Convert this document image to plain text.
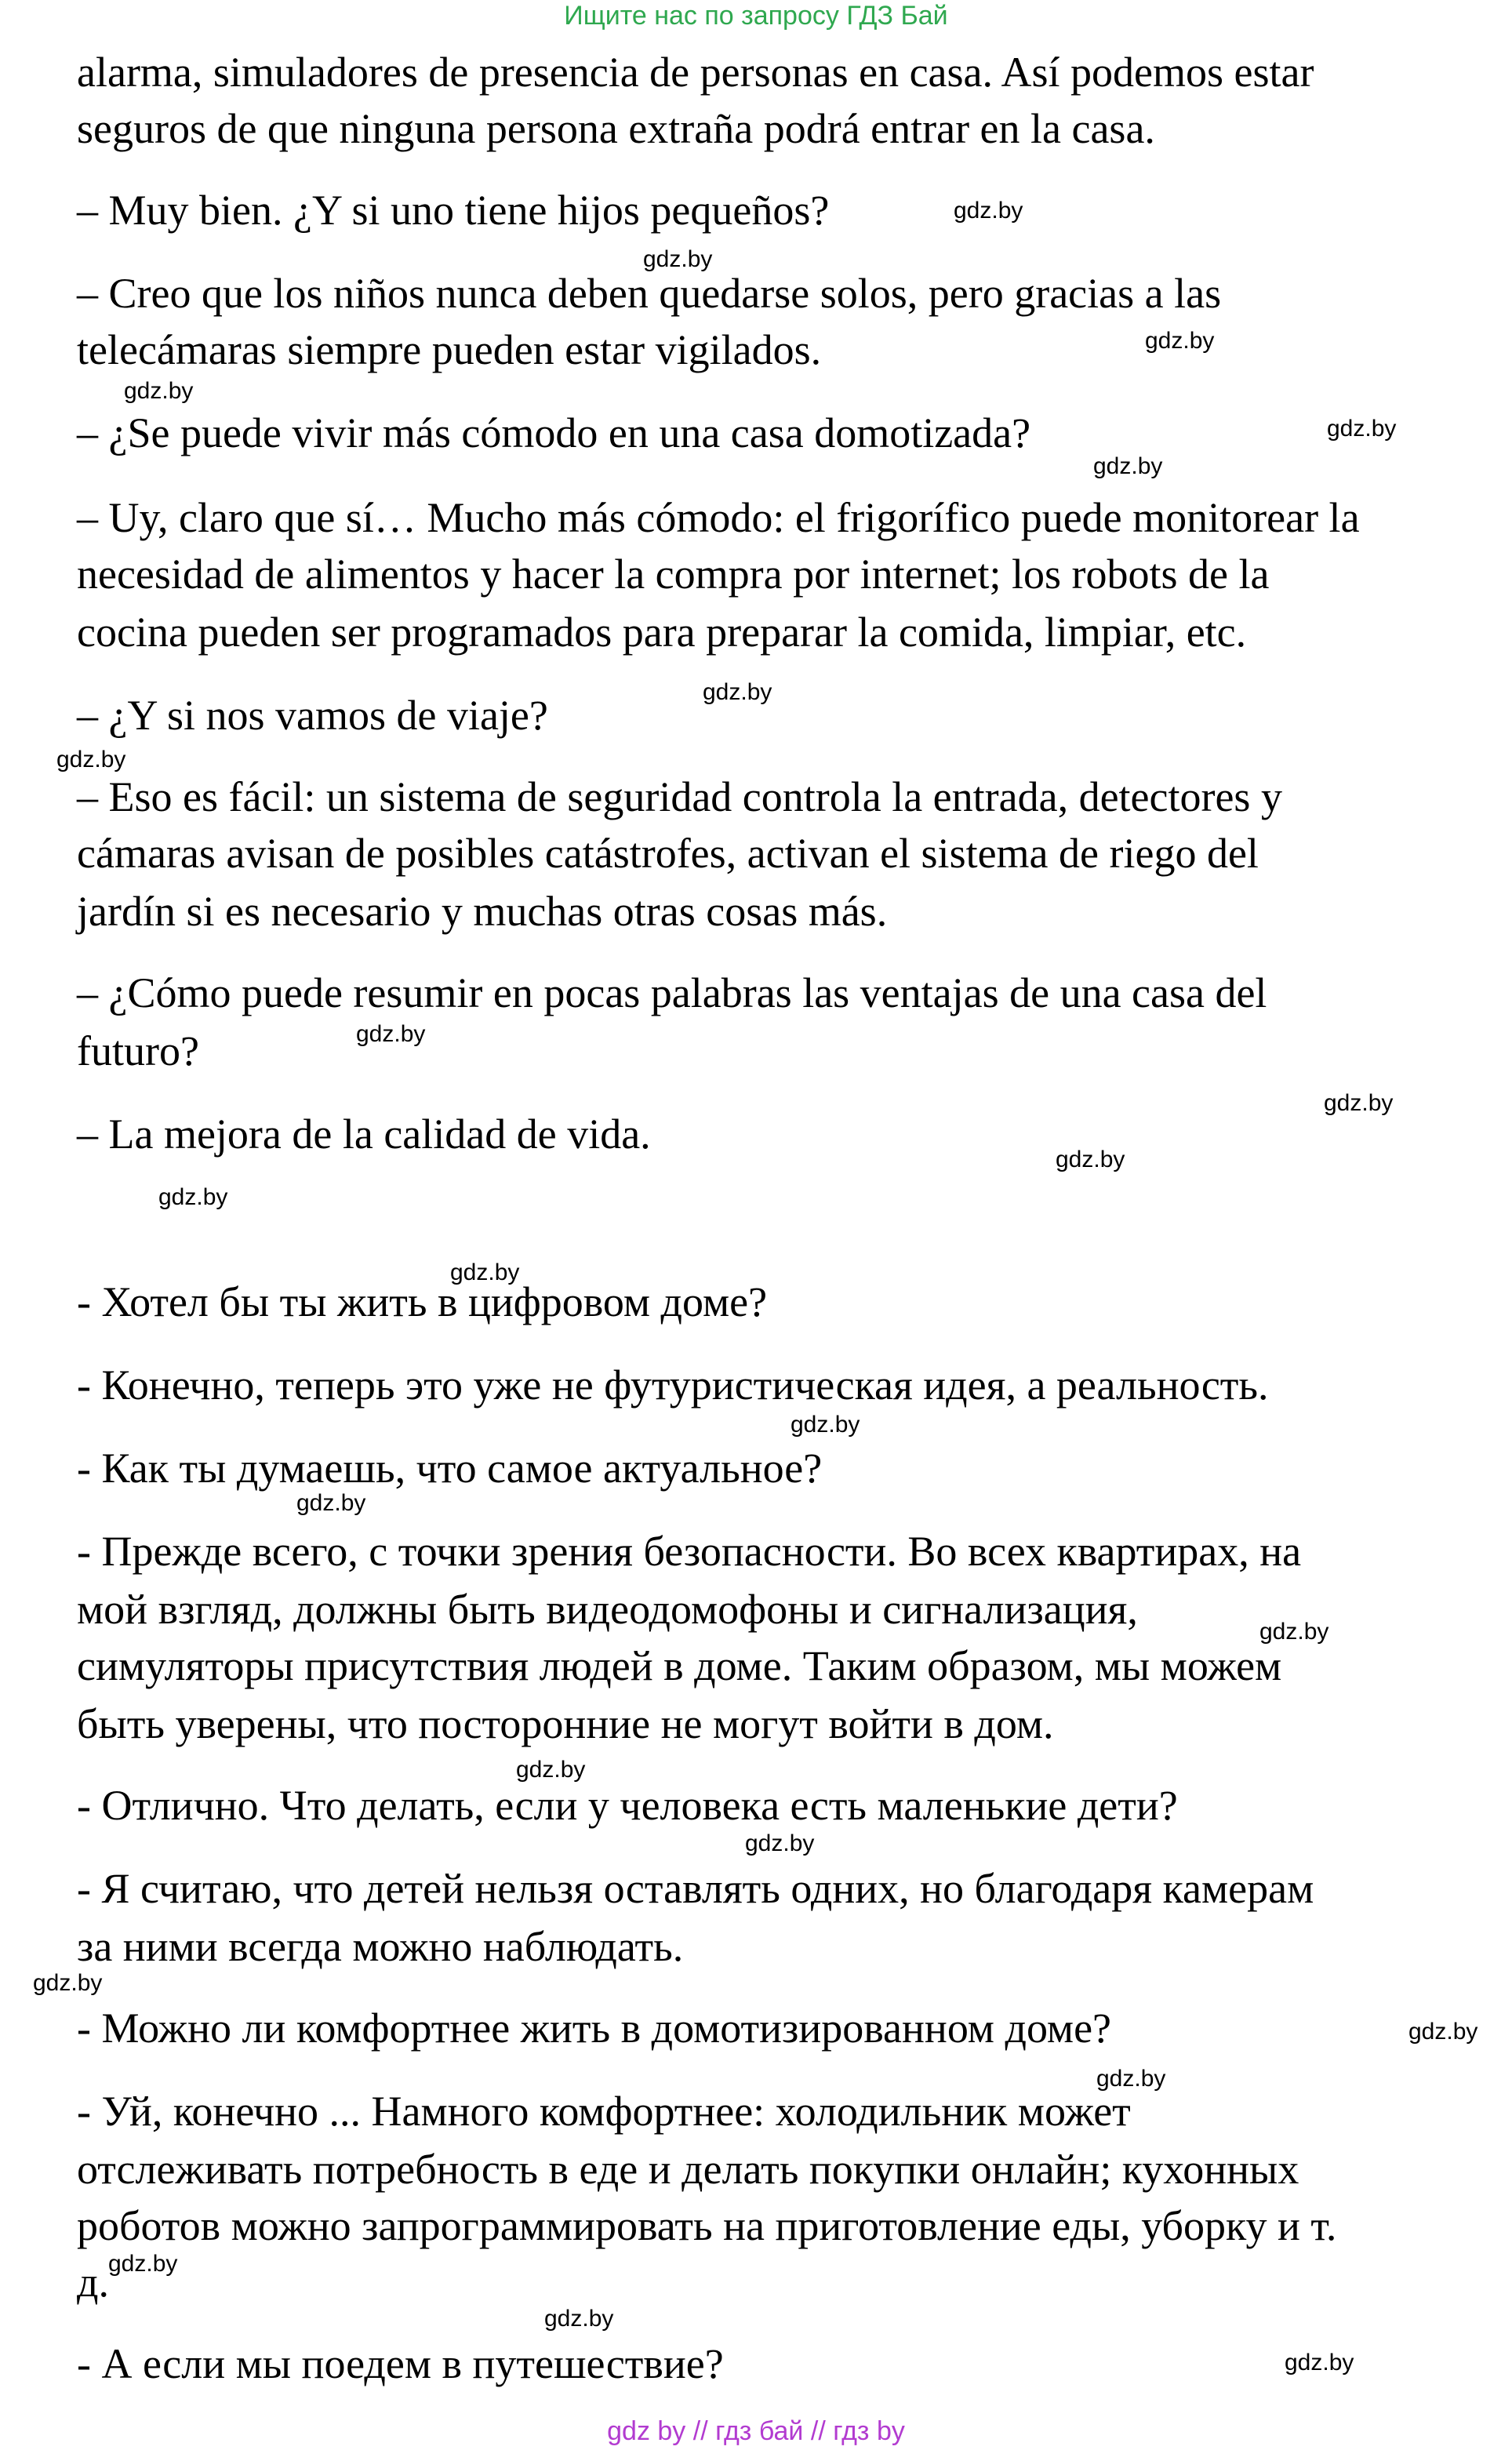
Ищите нас по запросу ГДЗ Бай
alarma, simuladores de presencia de personas en casa. Así podemos estar
seguros de que ninguna persona extraña podrá entrar en la casa.
– Muy bien. ¿Y si uno tiene hijos pequeños?
– Creo que los niños nunca deben quedarse solos, pero gracias a las
telecámaras siempre pueden estar vigilados.
– ¿Se puede vivir más cómodo en una casa domotizada?
– Uy, claro que sí… Mucho más cómodo: el frigorífico puede monitorear la
necesidad de alimentos y hacer la compra por internet; los robots de la
cocina pueden ser programados para preparar la comida, limpiar, etc.
– ¿Y si nos vamos de viaje?
– Eso es fácil: un sistema de seguridad controla la entrada, detectores y
cámaras avisan de posibles catástrofes, activan el sistema de riego del
jardín si es necesario y muchas otras cosas más.
– ¿Cómo puede resumir en pocas palabras las ventajas de una casa del
futuro?
– La mejora de la calidad de vida.
- Хотел бы ты жить в цифровом доме?
- Конечно, теперь это уже не футуристическая идея, а реальность.
- Как ты думаешь, что самое актуальное?
- Прежде всего, с точки зрения безопасности. Во всех квартирах, на
мой взгляд, должны быть видеодомофоны и сигнализация,
симуляторы присутствия людей в доме. Таким образом, мы можем
быть уверены, что посторонние не могут войти в дом.
- Отлично. Что делать, если у человека есть маленькие дети?
- Я считаю, что детей нельзя оставлять одних, но благодаря камерам
за ними всегда можно наблюдать.
- Можно ли комфортнее жить в домотизированном доме?
- Уй, конечно ... Намного комфортнее: холодильник может
отслеживать потребность в еде и делать покупки онлайн; кухонных
роботов можно запрограммировать на приготовление еды, уборку и т.
д.
- А если мы поедем в путешествие?
gdz.by
gdz.by
gdz.by
gdz.by
gdz.by
gdz.by
gdz.by
gdz.by
gdz.by
gdz.by
gdz.by
gdz.by
gdz.by
gdz.by
gdz.by
gdz.by
gdz.by
gdz.by
gdz.by
gdz.by
gdz.by
gdz.by
gdz.by
gdz.by
gdz by // гдз бай // гдз by
